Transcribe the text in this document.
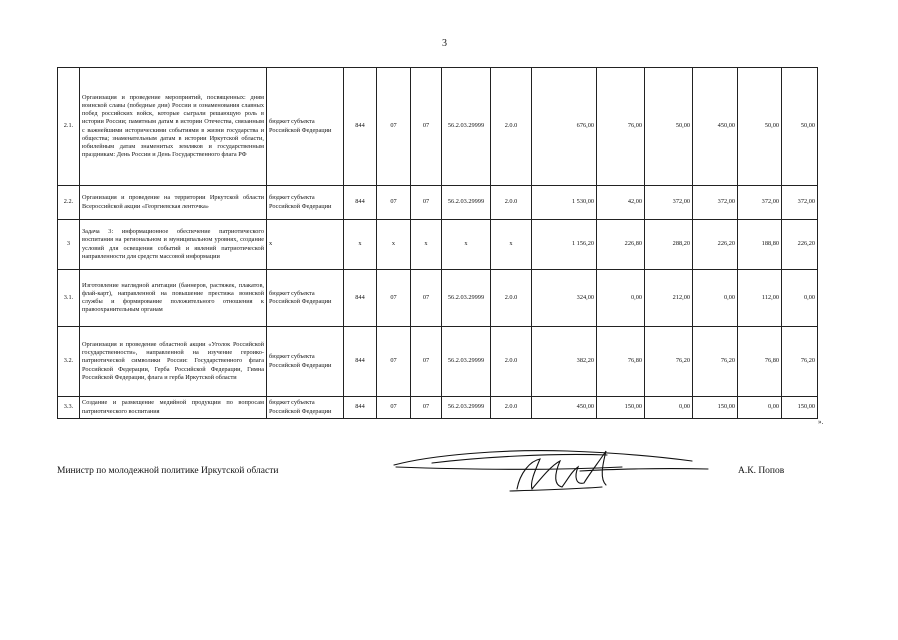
3
2.1.	Организация и проведение мероприятий, посвященных: дням воинской славы (победные дни) России и ознаменования славных побед российских войск, которые сыграли решающую роль в истории России; памятным датам в истории Отечества, связанным с важнейшими историческими событиями в жизни государства и общества; знаменательным датам в истории Иркутской области, юбилейным датам знаменитых земляков и государственным праздникам: День России и День Государственного флага РФ	бюджет субъекта Российской Федерации	844	07	07	56.2.03.29999	2.0.0	676,00	76,00	50,00	450,00	50,00	50,00
2.2.	Организация и проведение на территории Иркутской области Всероссийской акции «Георгиевская ленточка»	бюджет субъекта Российской Федерации	844	07	07	56.2.03.29999	2.0.0	1 530,00	42,00	372,00	372,00	372,00	372,00
3	Задача 3: информационное обеспечение патриотического воспитания на региональном и муниципальном уровнях, создание условий для освещения событий и явлений патриотической направленности для средств массовой информации	x	x	x	x	x	x	1 156,20	226,80	288,20	226,20	188,80	226,20
3.1.	Изготовление наглядной агитации (баннеров, растяжек, плакатов, флай-карт), направленной на повышение престижа воинской службы и формирование положительного отношения к правоохранительным органам	бюджет субъекта Российской Федерации	844	07	07	56.2.03.29999	2.0.0	324,00	0,00	212,00	0,00	112,00	0,00
3.2.	Организация и проведение областной акции «Уголок Российской государственности», направленной на изучение героико-патриотической символики России: Государственного флага Российской Федерации, Герба Российской Федерации, Гимна Российской Федерации, флага и герба Иркутской области	бюджет субъекта Российской Федерации	844	07	07	56.2.03.29999	2.0.0	382,20	76,80	76,20	76,20	76,80	76,20
3.3.	Создание и размещение медийной продукции по вопросам патриотического воспитания	бюджет субъекта Российской Федерации	844	07	07	56.2.03.29999	2.0.0	450,00	150,00	0,00	150,00	0,00	150,00
».
Министр по молодежной политике Иркутской области	А.К. Попов
